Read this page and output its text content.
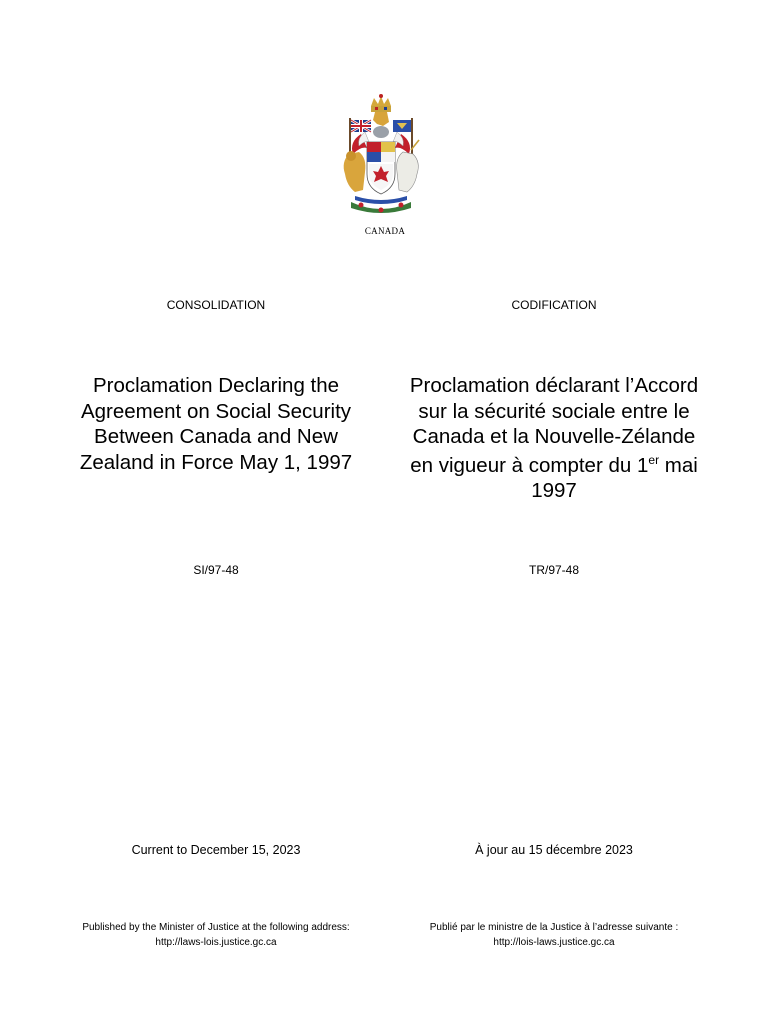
CANADA
CONSOLIDATION	CODIFICATION
Proclamation Declaring the
Agreement on Social Security
Between Canada and New
Zealand in Force May 1, 1997
Proclamation déclarant l’Accord
sur la sécurité sociale entre le
Canada et la Nouvelle-Zélande
en vigueur à compter du 1er mai
1997
SI/97-48	TR/97-48
Current to December 15, 2023	À jour au 15 décembre 2023
Published by the Minister of Justice at the following address:
http://laws-lois.justice.gc.ca
Publié par le ministre de la Justice à l’adresse suivante :
http://lois-laws.justice.gc.ca
